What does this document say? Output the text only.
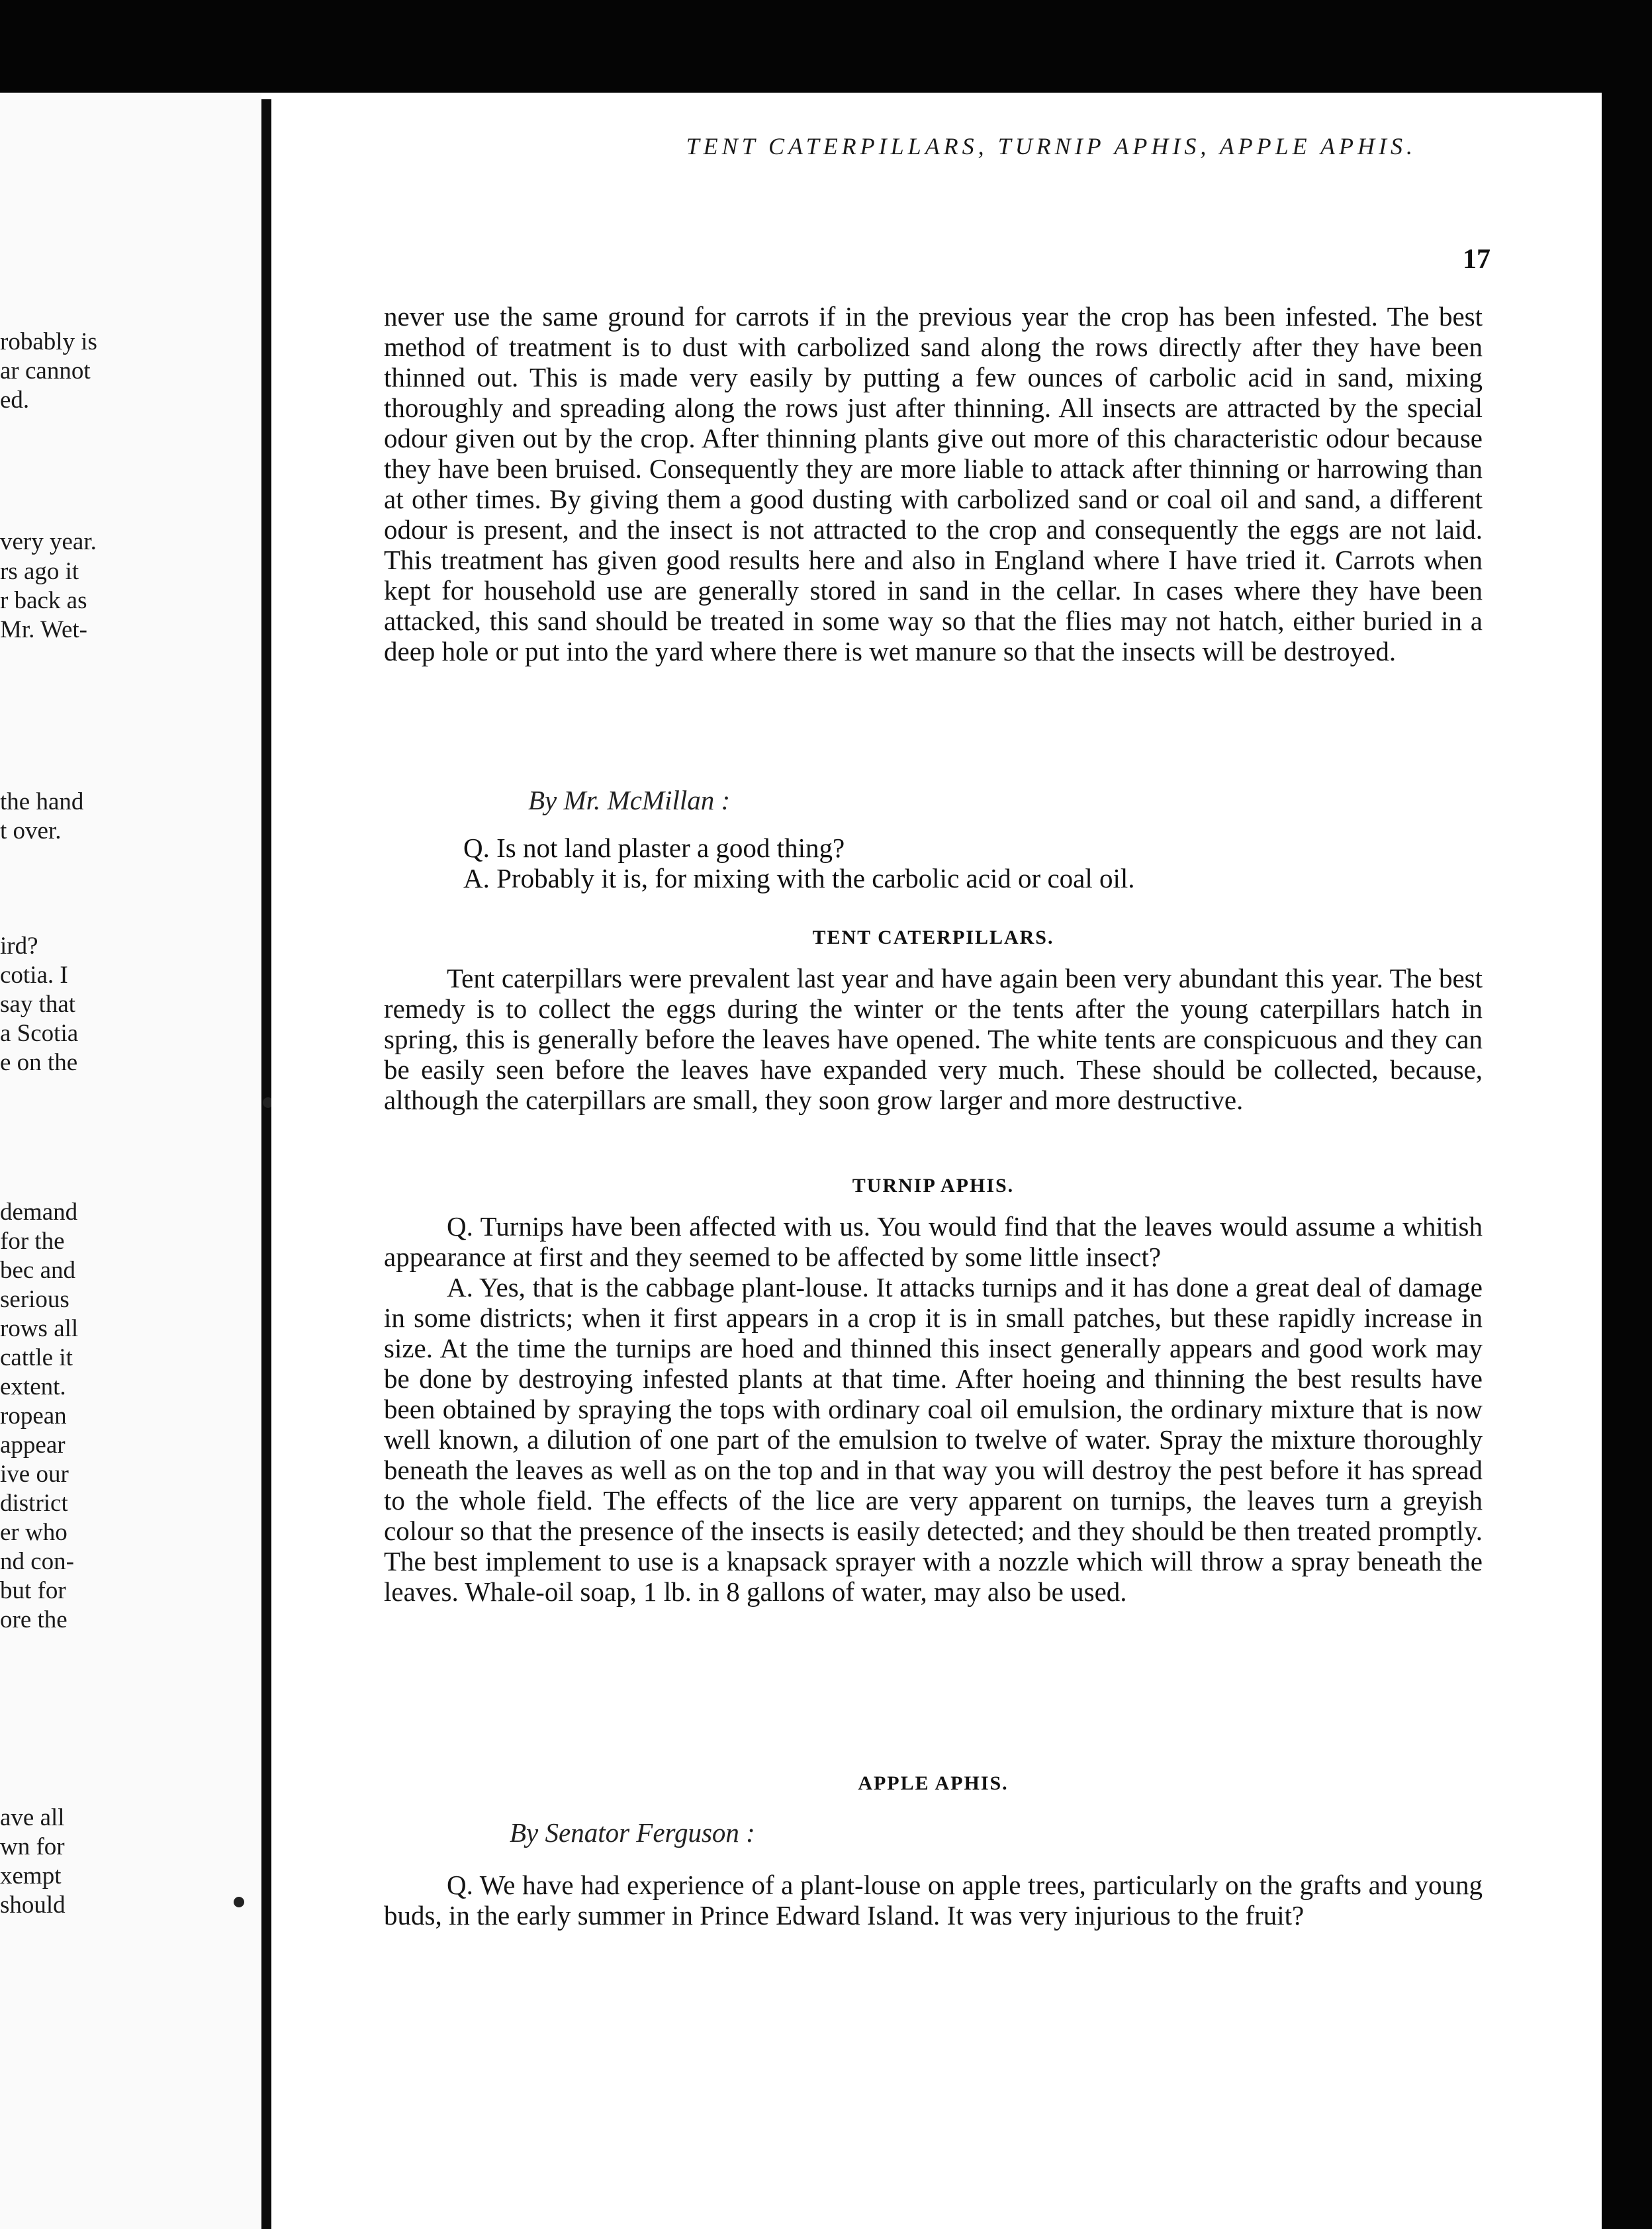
robably is
ar cannot
ed.
very year.
rs ago it
r back as
Mr. Wet-
the hand
t over.
ird?
cotia. I
say that
a Scotia
e on the
demand
for the
bec and
serious
rows all
cattle it
extent.
ropean
appear
ive our
district
er who
nd con-
but for
ore the
ave all
wn for
xempt
should
TENT CATERPILLARS, TURNIP APHIS, APPLE APHIS.
17

never use the same ground for carrots if in the previous year the crop has been infested. The best method of treatment is to dust with carbolized sand along the rows directly after they have been thinned out. This is made very easily by putting a few ounces of carbolic acid in sand, mixing thoroughly and spreading along the rows just after thinning. All insects are attracted by the special odour given out by the crop. After thinning plants give out more of this characteristic odour because they have been bruised. Consequently they are more liable to attack after thinning or harrowing than at other times. By giving them a good dusting with carbolized sand or coal oil and sand, a different odour is present, and the insect is not attracted to the crop and consequently the eggs are not laid. This treatment has given good results here and also in England where I have tried it. Carrots when kept for household use are generally stored in sand in the cellar. In cases where they have been attacked, this sand should be treated in some way so that the flies may not hatch, either buried in a deep hole or put into the yard where there is wet manure so that the insects will be destroyed.

By Mr. McMillan :
Q. Is not land plaster a good thing?
A. Probably it is, for mixing with the carbolic acid or coal oil.
TENT CATERPILLARS.

Tent caterpillars were prevalent last year and have again been very abundant this year. The best remedy is to collect the eggs during the winter or the tents after the young caterpillars hatch in spring, this is generally before the leaves have opened. The white tents are conspicuous and they can be easily seen before the leaves have expanded very much. These should be collected, because, although the caterpillars are small, they soon grow larger and more destructive.

TURNIP APHIS.

Q. Turnips have been affected with us. You would find that the leaves would assume a whitish appearance at first and they seemed to be affected by some little insect?

A. Yes, that is the cabbage plant-louse. It attacks turnips and it has done a great deal of damage in some districts; when it first appears in a crop it is in small patches, but these rapidly increase in size. At the time the turnips are hoed and thinned this insect generally appears and good work may be done by destroying infested plants at that time. After hoeing and thinning the best results have been obtained by spraying the tops with ordinary coal oil emulsion, the ordinary mixture that is now well known, a dilution of one part of the emulsion to twelve of water. Spray the mixture thoroughly beneath the leaves as well as on the top and in that way you will destroy the pest before it has spread to the whole field. The effects of the lice are very apparent on turnips, the leaves turn a greyish colour so that the presence of the insects is easily detected; and they should be then treated promptly. The best implement to use is a knapsack sprayer with a nozzle which will throw a spray beneath the leaves. Whale-oil soap, 1 lb. in 8 gallons of water, may also be used.

APPLE APHIS.
By Senator Ferguson :

Q. We have had experience of a plant-louse on apple trees, particularly on the grafts and young buds, in the early summer in Prince Edward Island. It was very injurious to the fruit?
